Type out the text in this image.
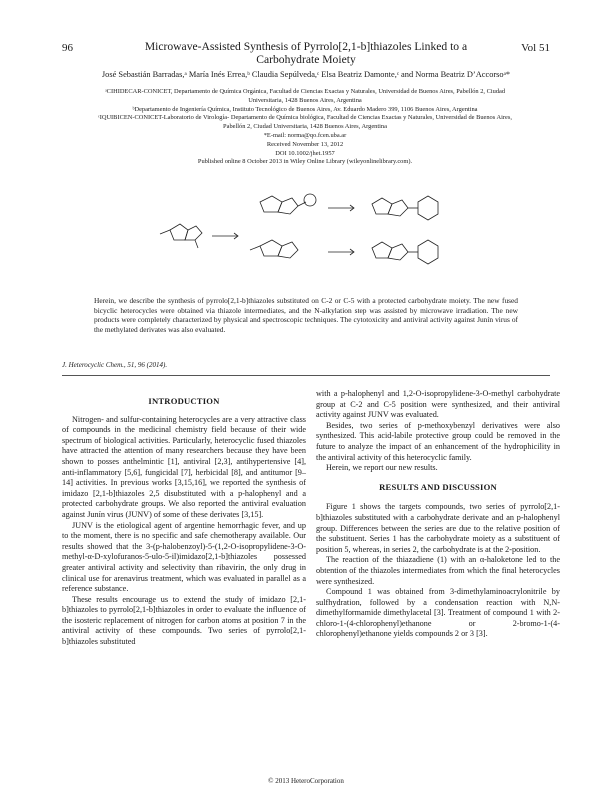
96	Microwave-Assisted Synthesis of Pyrrolo[2,1-b]thiazoles Linked to a
Carbohydrate Moiety
Vol 51
José Sebastián Barradas,ᵃ María Inés Errea,ᵇ Claudia Sepúlveda,ᶜ Elsa Beatriz Damonte,ᶜ and Norma Beatriz D’Accorsoᵃ*
ᵃCIHIDECAR-CONICET, Departamento de Química Orgánica, Facultad de Ciencias Exactas y Naturales, Universidad de Buenos Aires, Pabellón 2, Ciudad Universitaria, 1428 Buenos Aires, Argentina
ᵇDepartamento de Ingeniería Química, Instituto Tecnológico de Buenos Aires, Av. Eduardo Madero 399, 1106 Buenos Aires, Argentina
ᶜIQUIBICEN-CONICET-Laboratorio de Virología- Departamento de Química biológica, Facultad de Ciencias Exactas y Naturales, Universidad de Buenos Aires, Pabellón 2, Ciudad Universitaria, 1428 Buenos Aires, Argentina
*E-mail: norma@qo.fcen.uba.ar
Received November 13, 2012
DOI 10.1002/jhet.1957
Published online 8 October 2013 in Wiley Online Library (wileyonlinelibrary.com).
Herein, we describe the synthesis of pyrrolo[2,1-b]thiazoles substituted on C-2 or C-5 with a protected carbohydrate moiety. The new fused bicyclic heterocycles were obtained via thiazole intermediates, and the N-alkylation step was assisted by microwave irradiation. The new products were completely characterized by physical and spectroscopic techniques. The cytotoxicity and antiviral activity against Junín virus of the methylated derivates was also evaluated.
J. Heterocyclic Chem., 51, 96 (2014).
INTRODUCTION

Nitrogen- and sulfur-containing heterocycles are a very attractive class of compounds in the medicinal chemistry field because of their wide spectrum of biological activities. Particularly, heterocyclic fused thiazoles have attracted the attention of many researchers because they have been shown to posses anthelmintic [1], antiviral [2,3], antihypertensive [4], anti-inflammatory [5,6], fungicidal [7], herbicidal [8], and antitumor [9–14] activities. In previous works [3,15,16], we reported the synthesis of imidazo [2,1-b]thiazoles 2,5 disubstituted with a p-halophenyl and a protected carbohydrate groups. We also reported the antiviral evaluation against Junín virus (JUNV) of some of these derivates [3,15].

JUNV is the etiological agent of argentine hemorrhagic fever, and up to the moment, there is no specific and safe chemotherapy available. Our results showed that the 3-(p-halobenzoyl)-5-(1,2-O-isopropylidene-3-O-methyl-α-D-xylofuranos-5-ulo-5-il)imidazo[2,1-b]thiazoles possessed greater antiviral activity and selectivity than ribavirin, the only drug in clinical use for arenavirus treatment, which was evaluated in parallel as a reference substance.

These results encourage us to extend the study of imidazo [2,1-b]thiazoles to pyrrolo[2,1-b]thiazoles in order to evaluate the influence of the isosteric replacement of nitrogen for carbon atoms at position 7 in the antiviral activity of these compounds. Two series of pyrrolo[2,1-b]thiazoles substituted

with a p-halophenyl and 1,2-O-isopropylidene-3-O-methyl carbohydrate group at C-2 and C-5 position were synthesized, and their antiviral activity against JUNV was evaluated.

Besides, two series of p-methoxybenzyl derivatives were also synthesized. This acid-labile protective group could be removed in the future to analyze the impact of an enhancement of the hydrophicility in the antiviral activity of this heterocyclic family.

Herein, we report our new results.

RESULTS AND DISCUSSION

Figure 1 shows the targets compounds, two series of pyrrolo[2,1-b]thiazoles substituted with a carbohydrate derivate and an p-halophenyl group. Differences between the series are due to the relative position of the substituent. Series 1 has the carbohydrate moiety as a substituent of position 5, whereas, in series 2, the carbohydrate is at the 2-position.

The reaction of the thiazadiene (1) with an α-haloketone led to the obtention of the thiazoles intermediates from which the final heterocycles were synthesized.

Compound 1 was obtained from 3-dimethylaminoacrylonitrile by sulfhydration, followed by a condensation reaction with N,N-dimethylformamide dimethylacetal [3]. Treatment of compound 1 with 2-chloro-1-(4-chlorophenyl)ethanone or 2-bromo-1-(4-chlorophenyl)ethanone yields compounds 2 or 3 [3].

© 2013 HeteroCorporation
